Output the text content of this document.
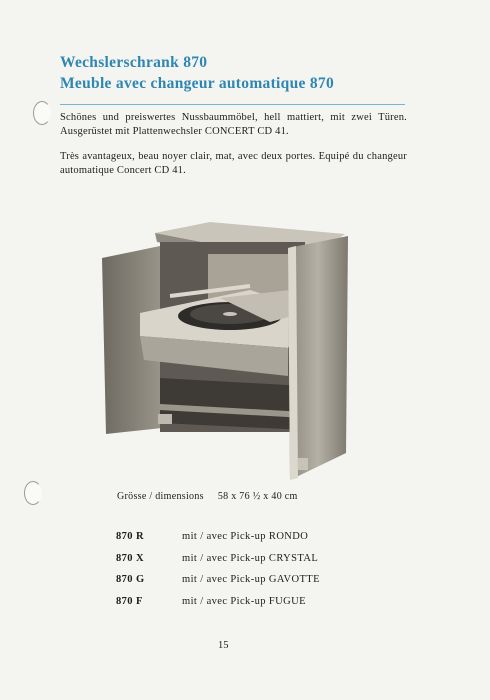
Wechslerschrank 870
Meuble avec changeur automatique 870
Schönes und preiswertes Nussbaummöbel, hell mattiert, mit zwei Türen. Ausgerüstet mit Plattenwechsler CONCERT CD 41.
Très avantageux, beau noyer clair, mat, avec deux portes. Equipé du changeur automatique Concert CD 41.
Grösse / dimensions 58 x 76 ½ x 40 cm
870 R	mit / avec Pick-up RONDO
870 X	mit / avec Pick-up CRYSTAL
870 G	mit / avec Pick-up GAVOTTE
870 F	mit / avec Pick-up FUGUE
15
